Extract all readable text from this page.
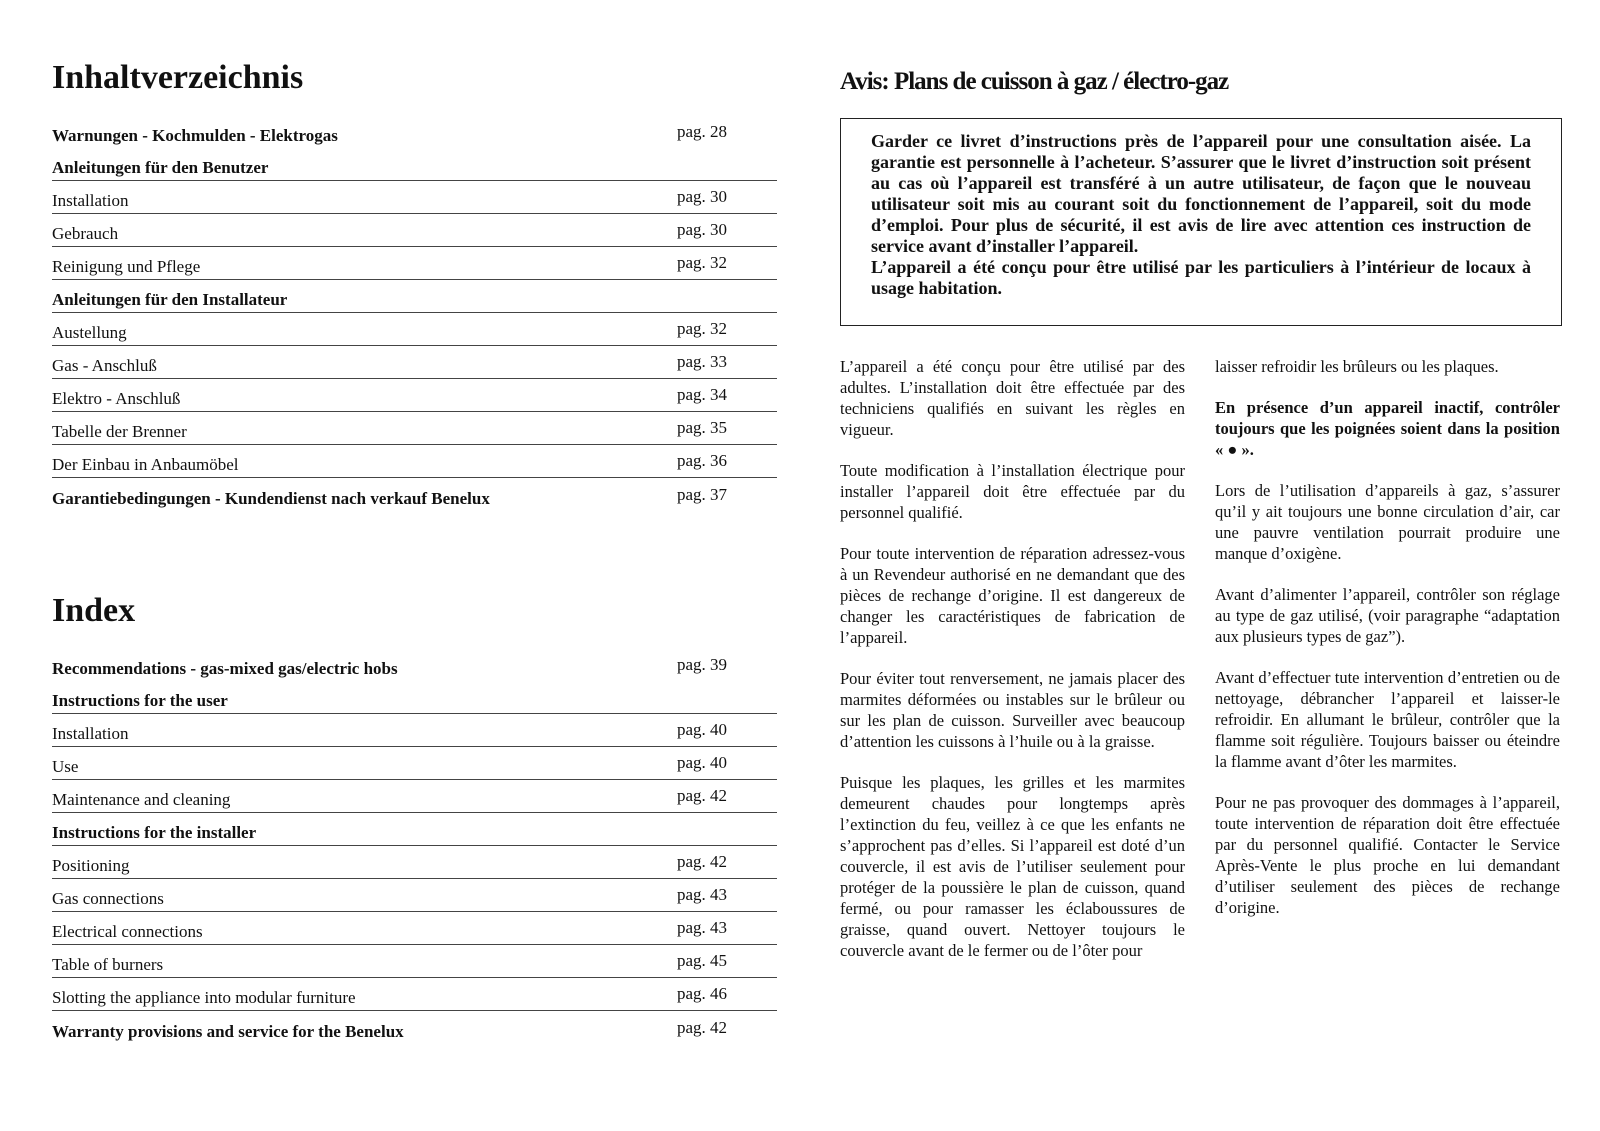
Inhaltverzeichnis
Warnungen - Kochmulden - Elektrogas	pag. 28
Anleitungen für den Benutzer
Installation	pag. 30
Gebrauch	pag. 30
Reinigung und Pflege	pag. 32
Anleitungen für den Installateur
Austellung	pag. 32
Gas - Anschluß	pag. 33
Elektro - Anschluß	pag. 34
Tabelle der Brenner	pag. 35
Der Einbau in Anbaumöbel	pag. 36
Garantiebedingungen - Kundendienst nach verkauf Benelux	pag. 37
Index
Recommendations - gas-mixed gas/electric hobs	pag. 39
Instructions for the user
Installation	pag. 40
Use	pag. 40
Maintenance and cleaning	pag. 42
Instructions for the installer
Positioning	pag. 42
Gas connections	pag. 43
Electrical connections	pag. 43
Table of burners	pag. 45
Slotting the appliance into modular furniture	pag. 46
Warranty provisions and service for the Benelux	pag. 42
Avis: Plans de cuisson à gaz / électro-gaz

Garder ce livret d’instructions près de l’appareil pour une consultation aisée. La garantie est personnelle à l’acheteur. S’assurer que le livret d’instruction soit présent au cas où l’appareil est transféré à un autre utilisateur, de façon que le nouveau utilisateur soit mis au courant soit du fonctionnement de l’appareil, soit du mode d’emploi. Pour plus de sécurité, il est avis de lire avec attention ces instruction de service avant d’installer l’appareil.

L’appareil a été conçu pour être utilisé par les particuliers à l’intérieur de locaux à usage habitation.

L’appareil a été conçu pour être utilisé par des adultes. L’installation doit être effectuée par des techniciens qualifiés en suivant les règles en vigueur.

Toute modification à l’installation électrique pour installer l’appareil doit être effectuée par du personnel qualifié.

Pour toute intervention de réparation adressez-vous à un Revendeur authorisé en ne demandant que des pièces de rechange d’origine. Il est dangereux de changer les caractéristiques de fabrication de l’appareil.

Pour éviter tout renversement, ne jamais placer des marmites déformées ou instables sur le brûleur ou sur les plan de cuisson. Surveiller avec beaucoup d’attention les cuissons à l’huile ou à la graisse.

Puisque les plaques, les grilles et les marmites demeurent chaudes pour longtemps après l’extinction du feu, veillez à ce que les enfants ne s’approchent pas d’elles. Si l’appareil est doté d’un couvercle, il est avis de l’utiliser seulement pour protéger de la poussière le plan de cuisson, quand fermé, ou pour ramasser les éclaboussures de graisse, quand ouvert. Nettoyer toujours le couvercle avant de le fermer ou de l’ôter pour

laisser refroidir les brûleurs ou les plaques.

En présence d’un appareil inactif, contrôler toujours que les poignées soient dans la position « ● ».

Lors de l’utilisation d’appareils à gaz, s’assurer qu’il y ait toujours une bonne circulation d’air, car une pauvre ventilation pourrait produire une manque d’oxigène.

Avant d’alimenter l’appareil, contrôler son réglage au type de gaz utilisé, (voir paragraphe “adaptation aux plusieurs types de gaz”).

Avant d’effectuer tute intervention d’entretien ou de nettoyage, débrancher l’appareil et laisser-le refroidir. En allumant le brûleur, contrôler que la flamme soit régulière. Toujours baisser ou éteindre la flamme avant d’ôter les marmites.

Pour ne pas provoquer des dommages à l’appareil, toute intervention de réparation doit être effectuée par du personnel qualifié. Contacter le Service Après-Vente le plus proche en lui demandant d’utiliser seulement des pièces de rechange d’origine.
